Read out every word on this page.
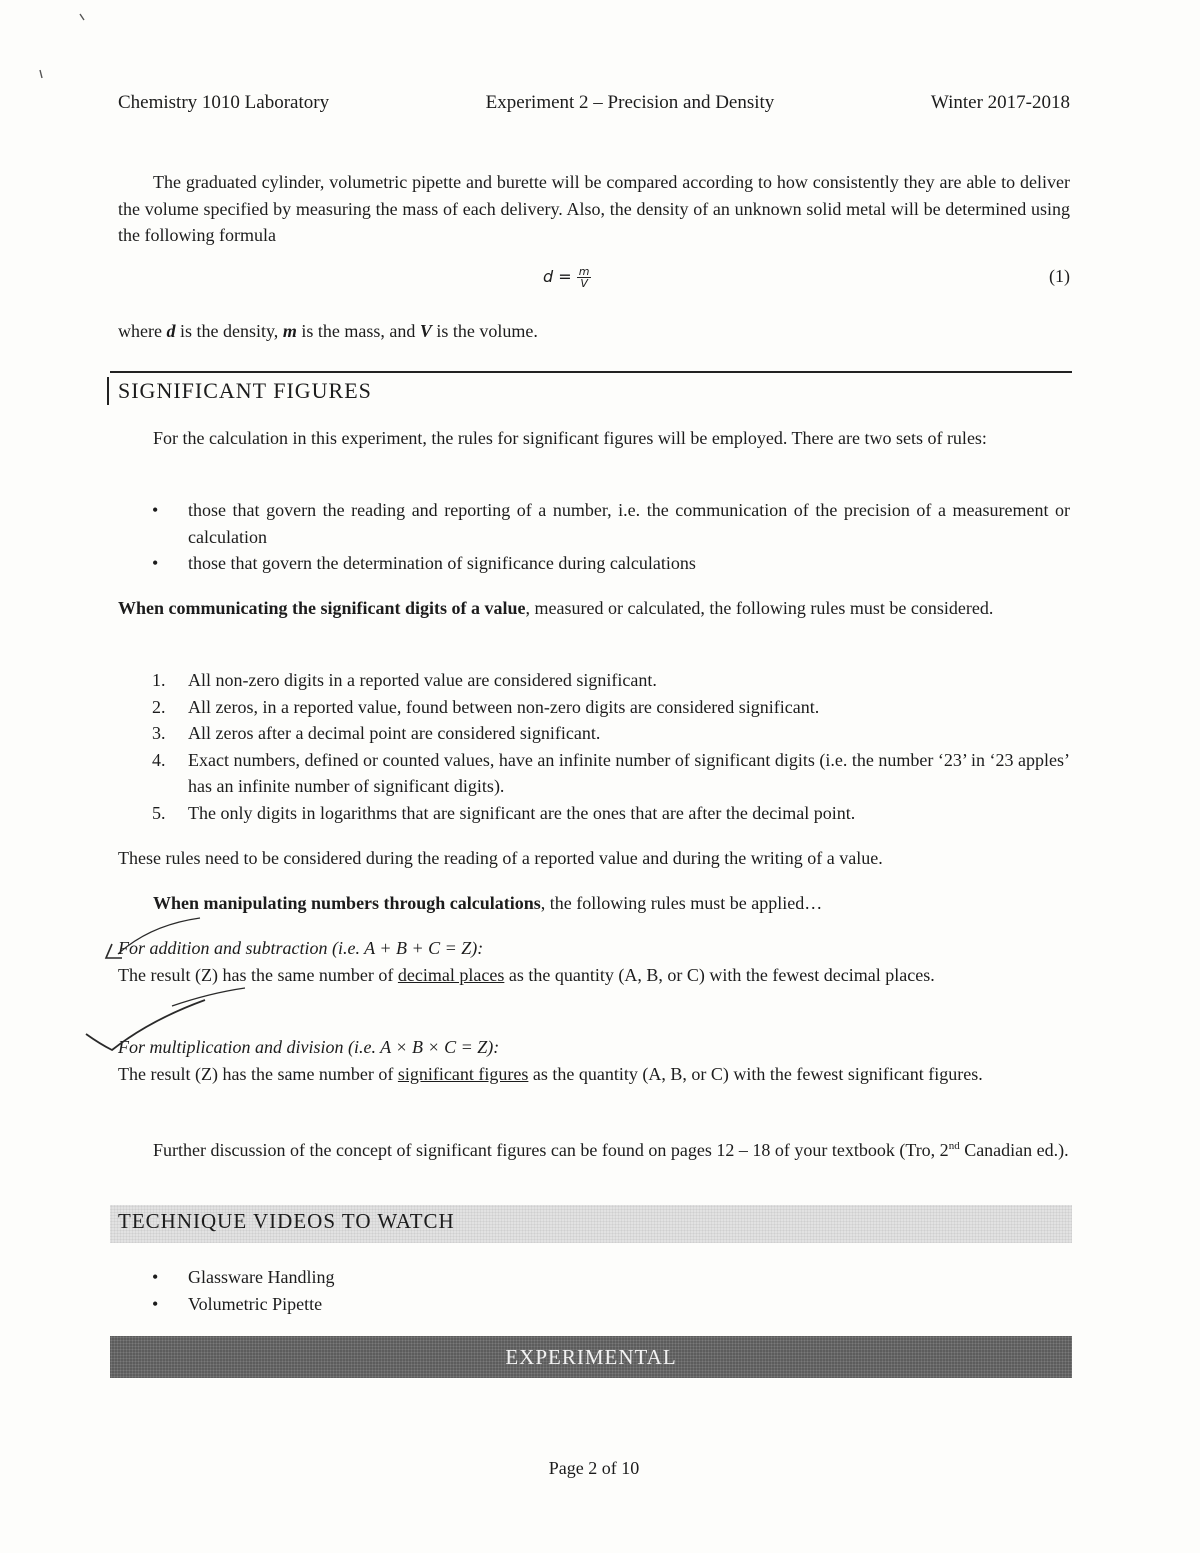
Chemistry 1010 Laboratory	Experiment 2 – Precision and Density	Winter 2017-2018

The graduated cylinder, volumetric pipette and burette will be compared according to how consistently they are able to deliver the volume specified by measuring the mass of each delivery. Also, the density of an unknown solid metal will be determined using the following formula

$d = \frac{m}{V}$	(1)

where d is the density, m is the mass, and V is the volume.

SIGNIFICANT FIGURES

For the calculation in this experiment, the rules for significant figures will be employed. There are two sets of rules:

• those that govern the reading and reporting of a number, i.e. the communication of the precision of a measurement or calculation
• those that govern the determination of significance during calculations

When communicating the significant digits of a value, measured or calculated, the following rules must be considered.

1. All non-zero digits in a reported value are considered significant.
2. All zeros, in a reported value, found between non-zero digits are considered significant.
3. All zeros after a decimal point are considered significant.
4. Exact numbers, defined or counted values, have an infinite number of significant digits (i.e. the number ‘23’ in ‘23 apples’ has an infinite number of significant digits).
5. The only digits in logarithms that are significant are the ones that are after the decimal point.

These rules need to be considered during the reading of a reported value and during the writing of a value.

When manipulating numbers through calculations, the following rules must be applied…

For addition and subtraction (i.e. A + B + C = Z):

The result (Z) has the same number of decimal places as the quantity (A, B, or C) with the fewest decimal places.

For multiplication and division (i.e. A × B × C = Z):

The result (Z) has the same number of significant figures as the quantity (A, B, or C) with the fewest significant figures.

Further discussion of the concept of significant figures can be found on pages 12 – 18 of your textbook (Tro, 2nd Canadian ed.).

TECHNIQUE VIDEOS TO WATCH
• Glassware Handling
• Volumetric Pipette
EXPERIMENTAL
Page 2 of 10
